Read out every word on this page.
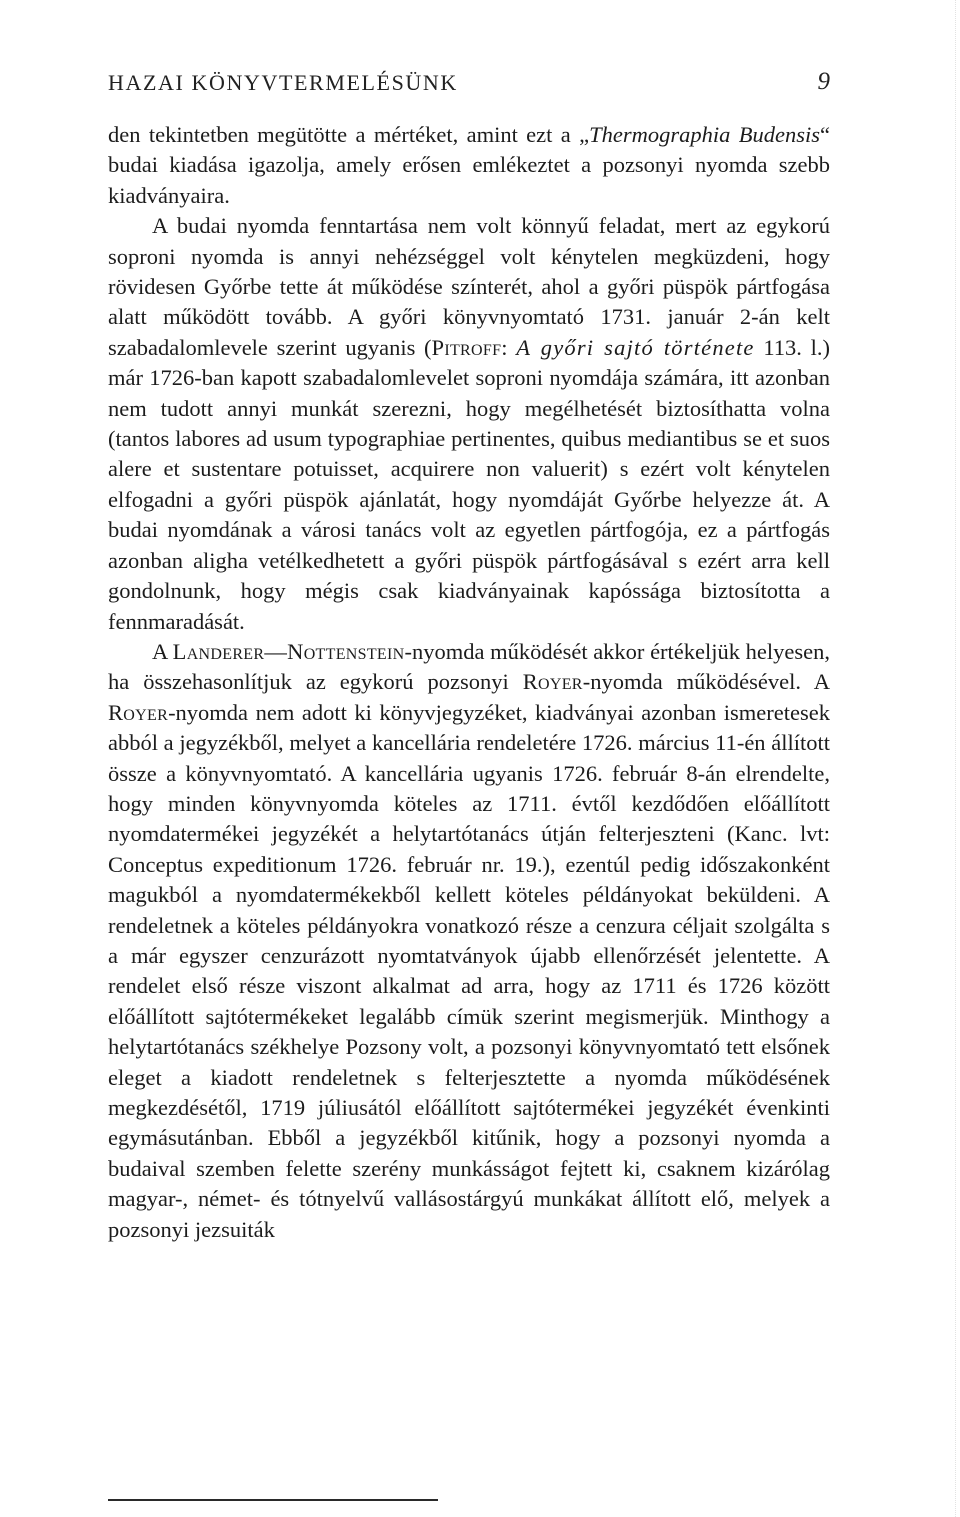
HAZAI KÖNYVTERMELÉSÜNK	9

den tekintetben megütötte a mértéket, amint ezt a „Thermographia Budensis“ budai kiadása igazolja, amely erősen emlékeztet a pozsonyi nyomda szebb kiadványaira.

A budai nyomda fenntartása nem volt könnyű feladat, mert az egykorú soproni nyomda is annyi nehézséggel volt kénytelen megküzdeni, hogy rövidesen Győrbe tette át működése színterét, ahol a győri püspök pártfogása alatt működött tovább. A győri könyvnyomtató 1731. január 2-án kelt szabadalomlevele szerint ugyanis (Pitroff: A győri sajtó története 113. l.) már 1726-ban kapott szabadalomlevelet soproni nyomdája számára, itt azonban nem tudott annyi munkát szerezni, hogy megélhetését biztosíthatta volna (tantos labores ad usum typographiae pertinentes, quibus mediantibus se et suos alere et sustentare potuisset, acquirere non valuerit) s ezért volt kénytelen elfogadni a győri püspök ajánlatát, hogy nyomdáját Győrbe helyezze át. A budai nyomdának a városi tanács volt az egyetlen pártfogója, ez a pártfogás azonban aligha vetélkedhetett a győri püspök pártfogásával s ezért arra kell gondolnunk, hogy mégis csak kiadványainak kapóssága biztosította a fennmaradását.

A Landerer—Nottenstein-nyomda működését akkor értékeljük helyesen, ha összehasonlítjuk az egykorú pozsonyi Royer-nyomda működésével. A Royer-nyomda nem adott ki könyvjegyzéket, kiadványai azonban ismeretesek abból a jegyzékből, melyet a kancellária rendeletére 1726. március 11-én állított össze a könyvnyomtató. A kancellária ugyanis 1726. február 8-án elrendelte, hogy minden könyvnyomda köteles az 1711. évtől kezdődően előállított nyomdatermékei jegyzékét a helytartótanács útján felterjeszteni (Kanc. lvt: Conceptus expeditionum 1726. február nr. 19.), ezentúl pedig időszakonként magukból a nyomdatermékekből kellett köteles példányokat beküldeni. A rendeletnek a köteles példányokra vonatkozó része a cenzura céljait szolgálta s a már egyszer cenzurázott nyomtatványok újabb ellenőrzését jelentette. A rendelet első része viszont alkalmat ad arra, hogy az 1711 és 1726 között előállított sajtótermékeket legalább címük szerint megismerjük. Minthogy a helytartótanács székhelye Pozsony volt, a pozsonyi könyvnyomtató tett elsőnek eleget a kiadott rendeletnek s felterjesztette a nyomda működésének megkezdésétől, 1719 júliusától előállított sajtótermékei jegyzékét évenkinti egymásutánban. Ebből a jegyzékből kitűnik, hogy a pozsonyi nyomda a budaival szemben felette szerény munkásságot fejtett ki, csaknem kizárólag magyar-, német- és tótnyelvű vallásostárgyú munkákat állított elő, melyek a pozsonyi jezsuiták
